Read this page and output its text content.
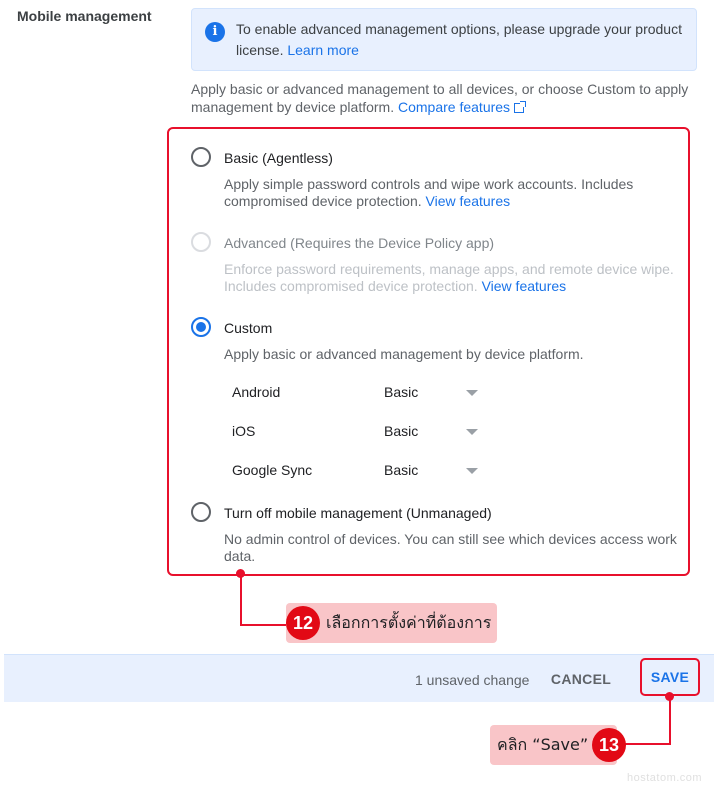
Mobile management
i	To enable advanced management options, please upgrade your product license. Learn more
Apply basic or advanced management to all devices, or choose Custom to apply management by device platform. Compare features
Basic (Agentless)
Apply simple password controls and wipe work accounts. Includes compromised device protection. View features
Advanced (Requires the Device Policy app)
Enforce password requirements, manage apps, and remote device wipe. Includes compromised device protection. View features
Custom
Apply basic or advanced management by device platform.
Android	Basic
iOS	Basic
Google Sync	Basic
Turn off mobile management (Unmanaged)
No admin control of devices. You can still see which devices access work data.
เลือกการตั้งค่าที่ต้องการ
12
1 unsaved change	CANCEL	SAVE
คลิก “Save” 13
hostatom.com
